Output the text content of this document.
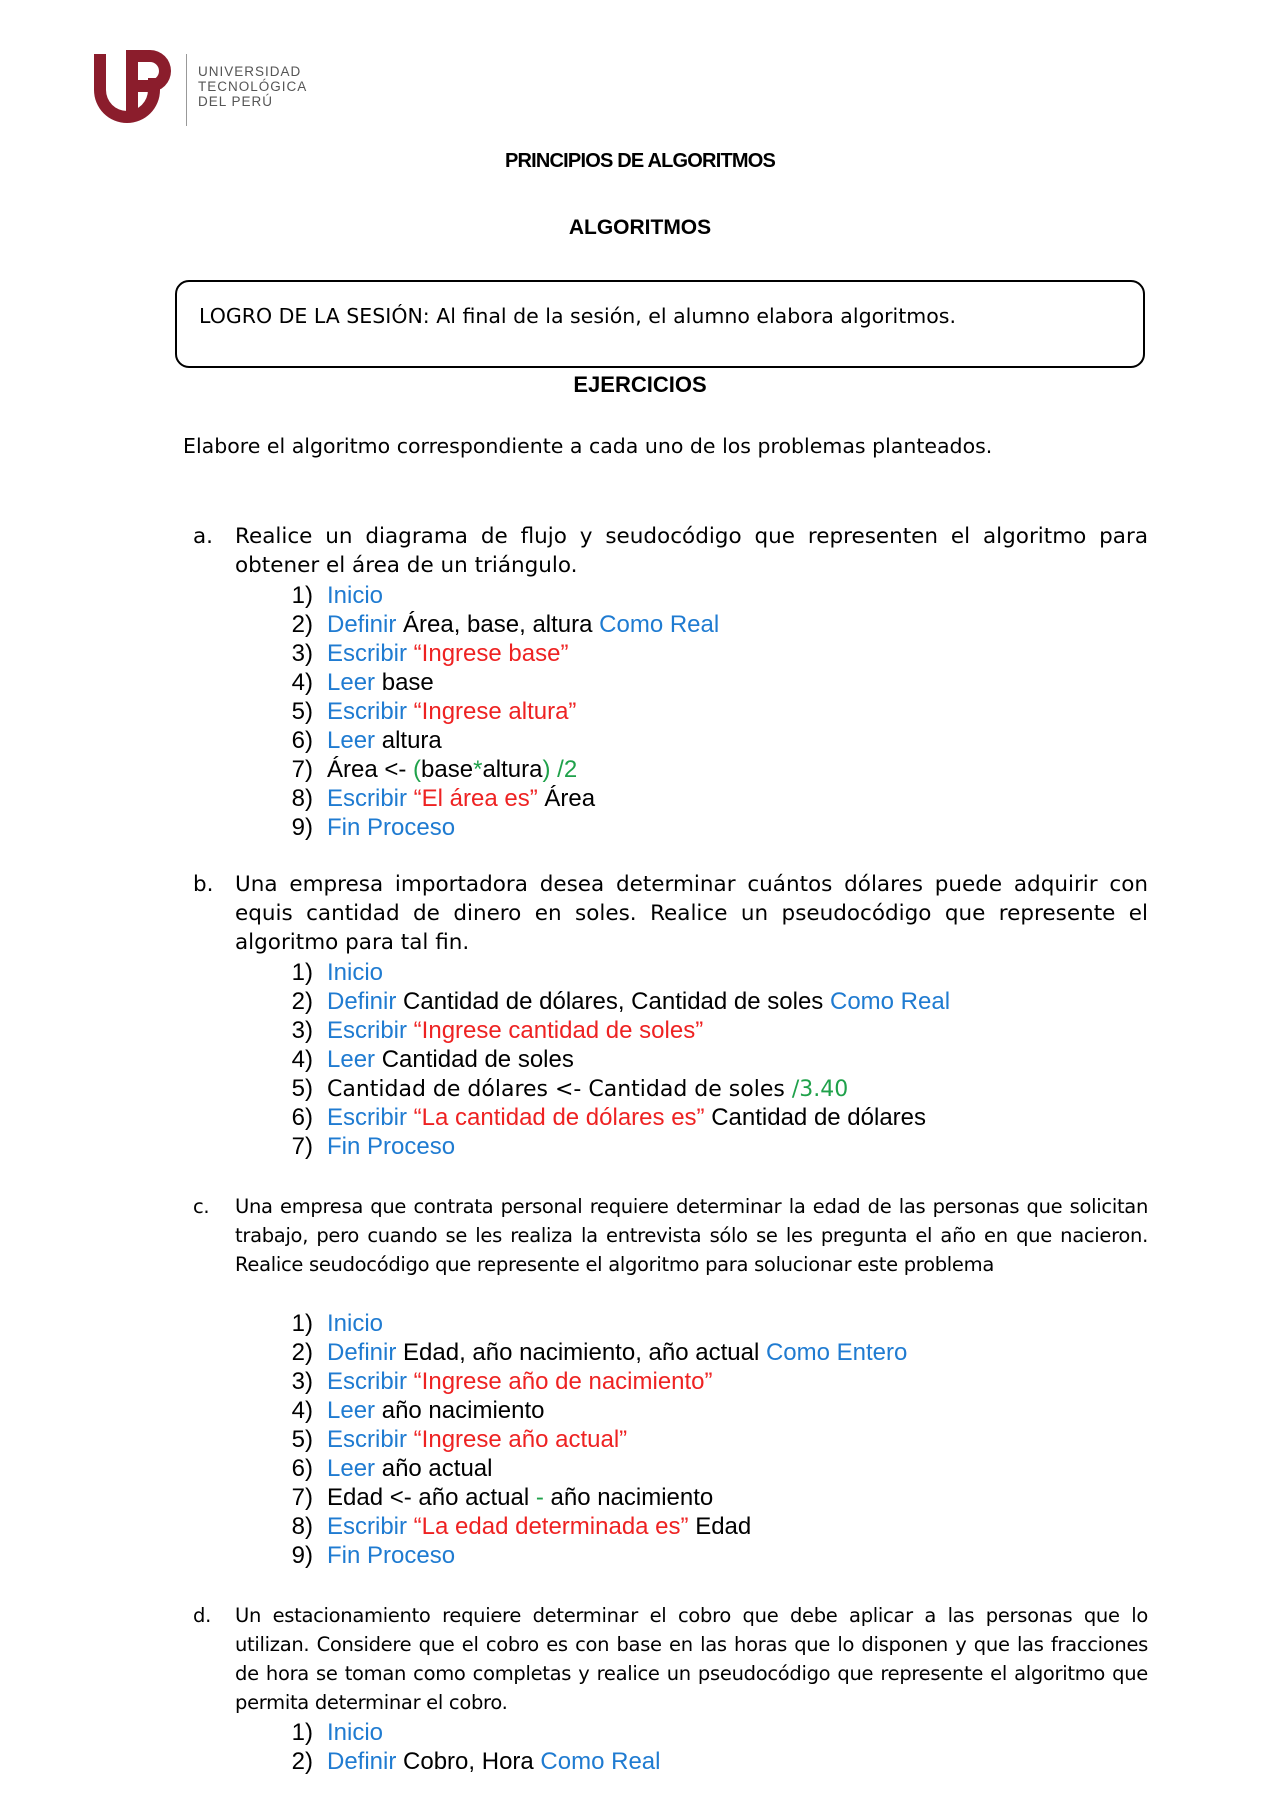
UNIVERSIDAD
TECNOLÓGICA
DEL PERÚ
PRINCIPIOS DE ALGORITMOS
ALGORITMOS
LOGRO DE LA SESIÓN: Al final de la sesión, el alumno elabora algoritmos.
EJERCICIOS
Elabore el algoritmo correspondiente a cada uno de los problemas planteados.
a. Realice un diagrama de flujo y seudocódigo que representen el algoritmo para obtener el área de un triángulo.
1) Inicio
2) Definir Área, base, altura Como Real
3) Escribir “Ingrese base”
4) Leer base
5) Escribir “Ingrese altura”
6) Leer altura
7) Área <- (base*altura) /2
8) Escribir “El área es” Área
9) Fin Proceso
b. Una empresa importadora desea determinar cuántos dólares puede adquirir con equis cantidad de dinero en soles. Realice un pseudocódigo que represente el algoritmo para tal fin.
1) Inicio
2) Definir Cantidad de dólares, Cantidad de soles Como Real
3) Escribir “Ingrese cantidad de soles”
4) Leer Cantidad de soles
5) Cantidad de dólares <- Cantidad de soles /3.40
6) Escribir “La cantidad de dólares es” Cantidad de dólares
7) Fin Proceso
c. Una empresa que contrata personal requiere determinar la edad de las personas que solicitan trabajo, pero cuando se les realiza la entrevista sólo se les pregunta el año en que nacieron. Realice seudocódigo que represente el algoritmo para solucionar este problema
1) Inicio
2) Definir Edad, año nacimiento, año actual Como Entero
3) Escribir “Ingrese año de nacimiento”
4) Leer año nacimiento
5) Escribir “Ingrese año actual”
6) Leer año actual
7) Edad <- año actual - año nacimiento
8) Escribir “La edad determinada es” Edad
9) Fin Proceso
d. Un estacionamiento requiere determinar el cobro que debe aplicar a las personas que lo utilizan. Considere que el cobro es con base en las horas que lo disponen y que las fracciones de hora se toman como completas y realice un pseudocódigo que represente el algoritmo que permita determinar el cobro.
1) Inicio
2) Definir Cobro, Hora Como Real
